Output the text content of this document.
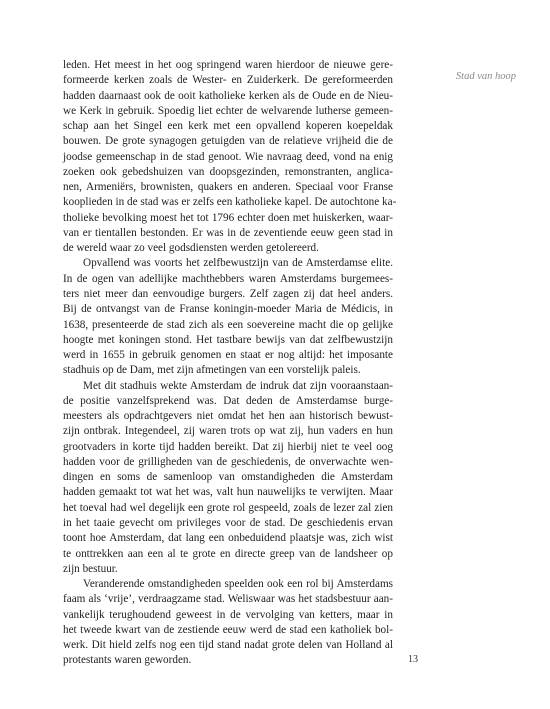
Stad van hoop
leden. Het meest in het oog springend waren hierdoor de nieuwe gere-
formeerde kerken zoals de Wester- en Zuiderkerk. De gereformeerden
hadden daarnaast ook de ooit katholieke kerken als de Oude en de Nieu-
we Kerk in gebruik. Spoedig liet echter de welvarende lutherse gemeen-
schap aan het Singel een kerk met een opvallend koperen koepeldak
bouwen. De grote synagogen getuigden van de relatieve vrijheid die de
joodse gemeenschap in de stad genoot. Wie navraag deed, vond na enig
zoeken ook gebedshuizen van doopsgezinden, remonstranten, anglica-
nen, Armeniërs, brownisten, quakers en anderen. Speciaal voor Franse
kooplieden in de stad was er zelfs een katholieke kapel. De autochtone ka-
tholieke bevolking moest het tot 1796 echter doen met huiskerken, waar-
van er tientallen bestonden. Er was in de zeventiende eeuw geen stad in
de wereld waar zo veel godsdiensten werden getolereerd.
Opvallend was voorts het zelfbewustzijn van de Amsterdamse elite.
In de ogen van adellijke machthebbers waren Amsterdams burgemees-
ters niet meer dan eenvoudige burgers. Zelf zagen zij dat heel anders.
Bij de ontvangst van de Franse koningin-moeder Maria de Médicis, in
1638, presenteerde de stad zich als een soevereine macht die op gelijke
hoogte met koningen stond. Het tastbare bewijs van dat zelfbewustzijn
werd in 1655 in gebruik genomen en staat er nog altijd: het imposante
stadhuis op de Dam, met zijn afmetingen van een vorstelijk paleis.
Met dit stadhuis wekte Amsterdam de indruk dat zijn vooraanstaan-
de positie vanzelfsprekend was. Dat deden de Amsterdamse burge-
meesters als opdrachtgevers niet omdat het hen aan historisch bewust-
zijn ontbrak. Integendeel, zij waren trots op wat zij, hun vaders en hun
grootvaders in korte tijd hadden bereikt. Dat zij hierbij niet te veel oog
hadden voor de grilligheden van de geschiedenis, de onverwachte wen-
dingen en soms de samenloop van omstandigheden die Amsterdam
hadden gemaakt tot wat het was, valt hun nauwelijks te verwijten. Maar
het toeval had wel degelijk een grote rol gespeeld, zoals de lezer zal zien
in het taaie gevecht om privileges voor de stad. De geschiedenis ervan
toont hoe Amsterdam, dat lang een onbeduidend plaatsje was, zich wist
te onttrekken aan een al te grote en directe greep van de landsheer op
zijn bestuur.
Veranderende omstandigheden speelden ook een rol bij Amsterdams
faam als ‘vrije’, verdraagzame stad. Weliswaar was het stadsbestuur aan-
vankelijk terughoudend geweest in de vervolging van ketters, maar in
het tweede kwart van de zestiende eeuw werd de stad een katholiek bol-
werk. Dit hield zelfs nog een tijd stand nadat grote delen van Holland al
protestants waren geworden.	13
